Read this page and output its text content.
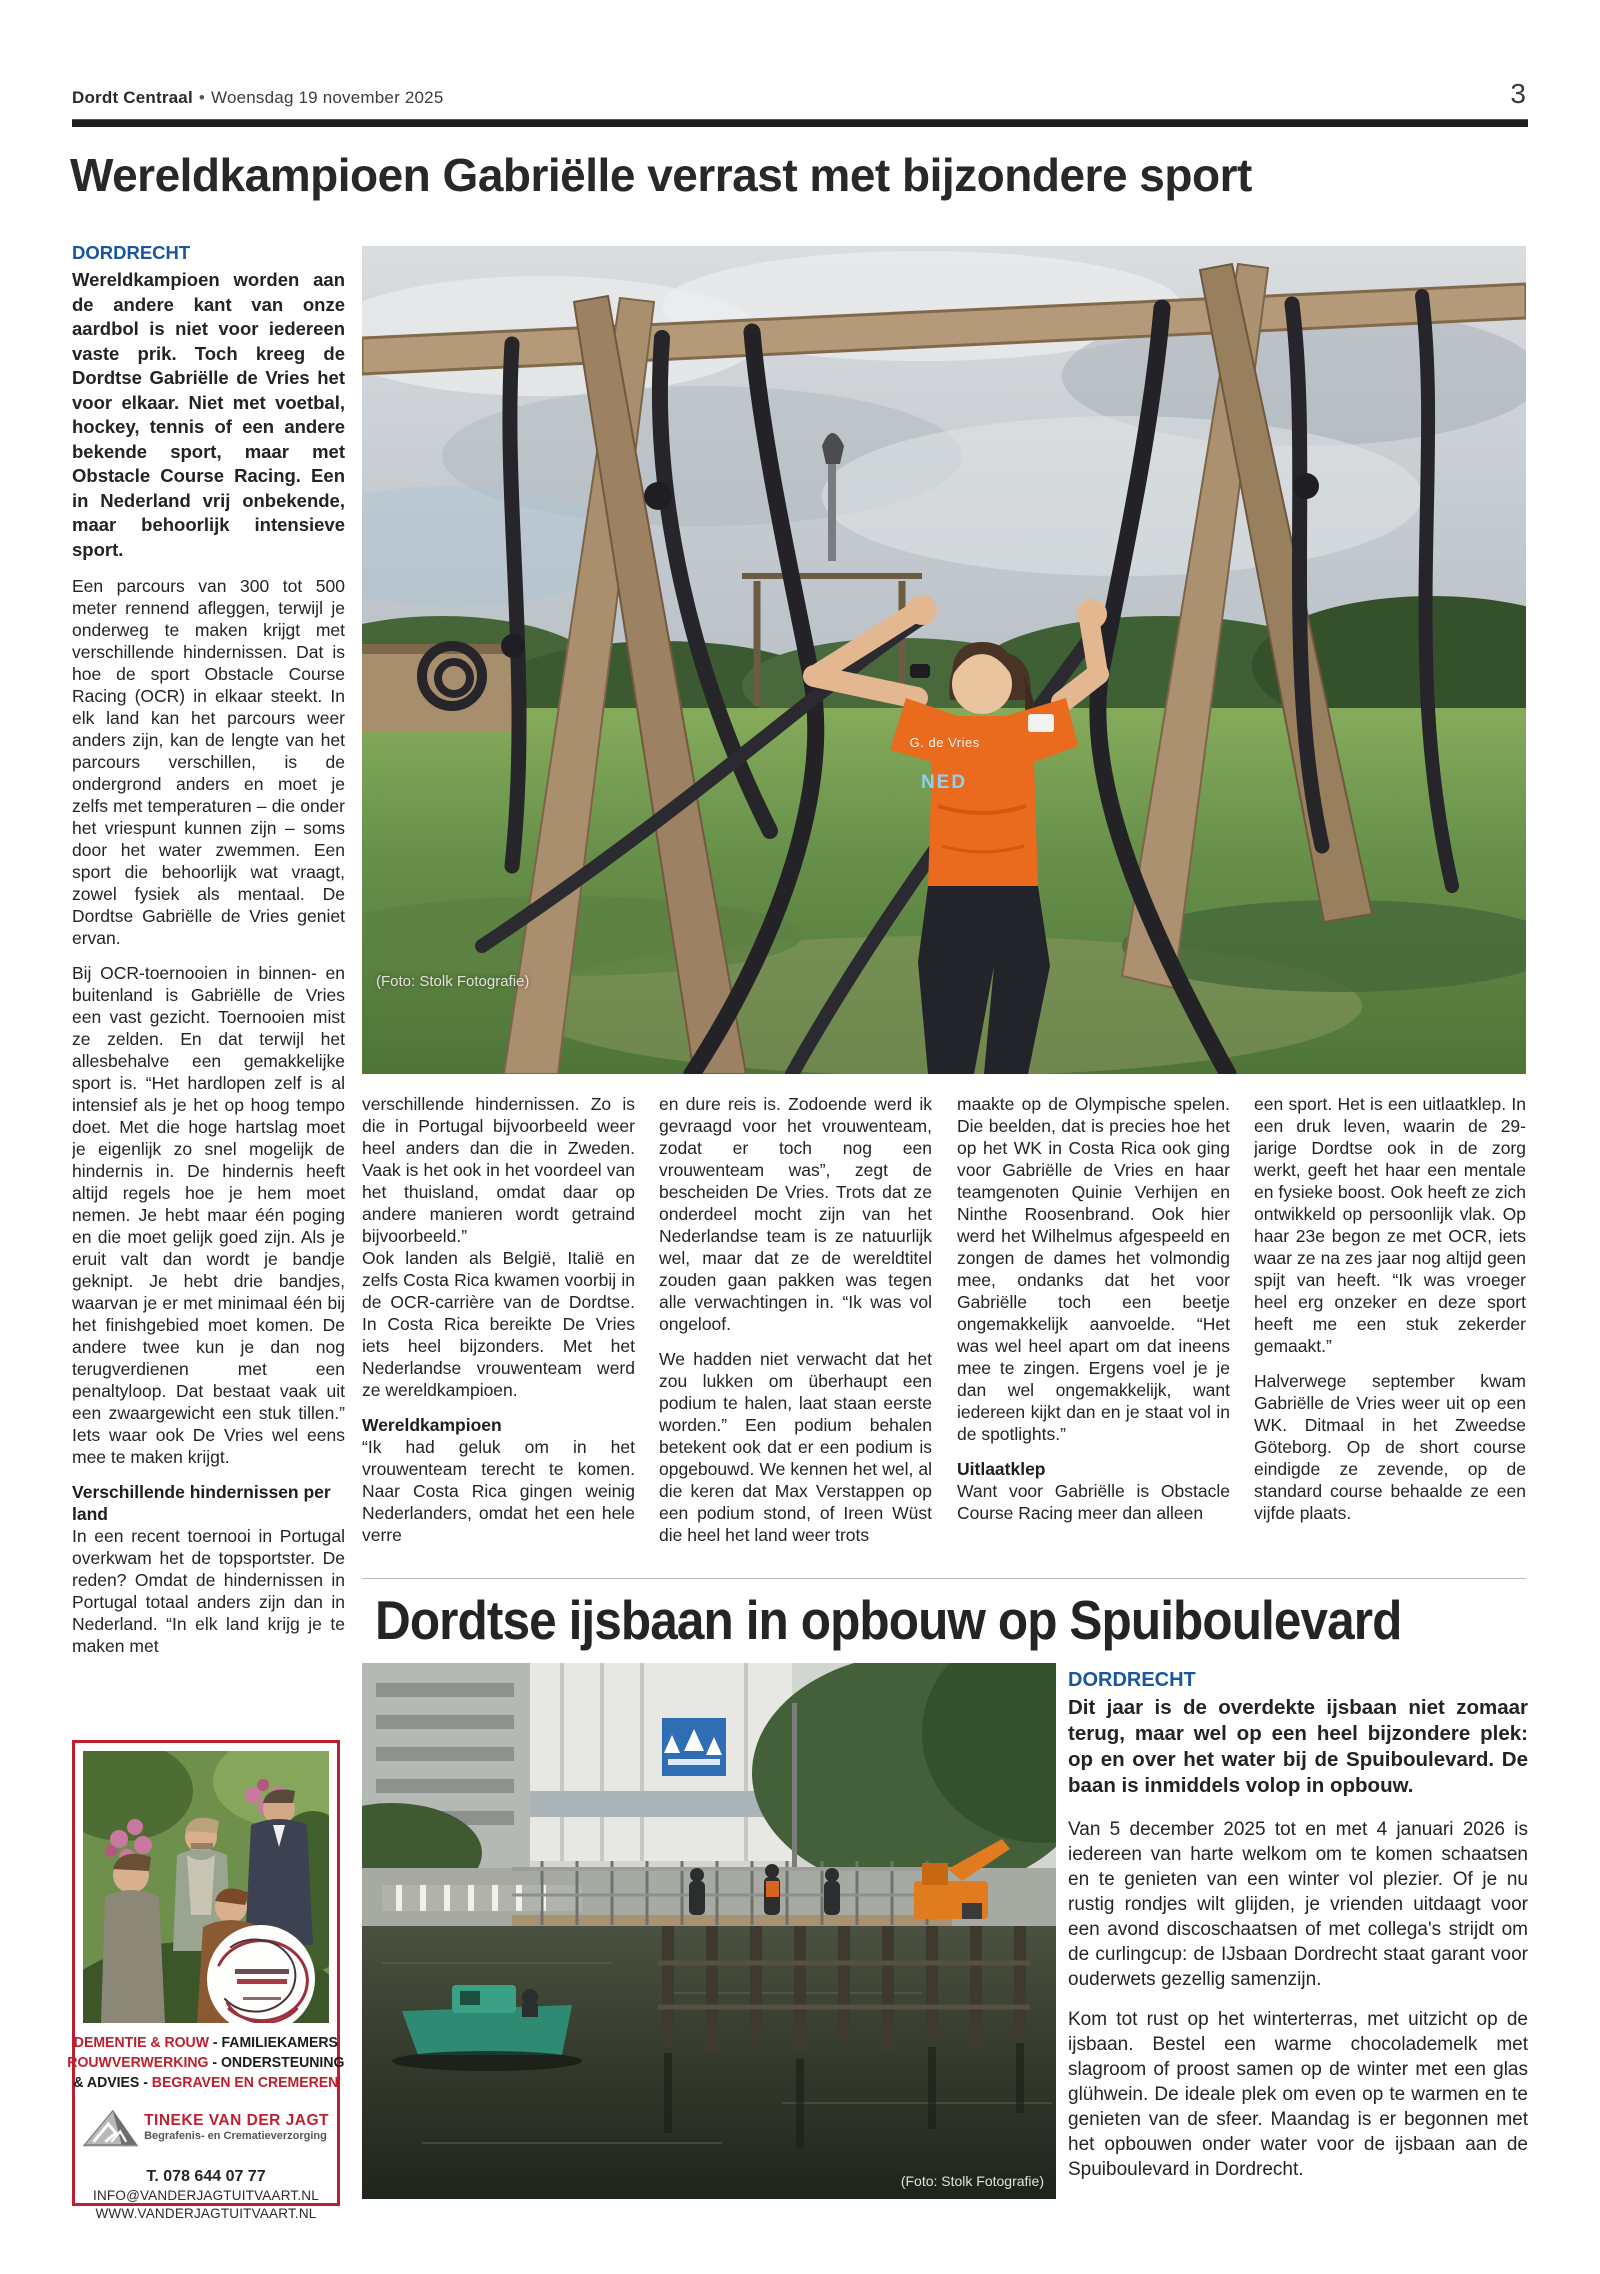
Dordt Centraal • Woensdag 19 november 2025	3
Wereldkampioen Gabriëlle verrast met bijzondere sport
DORDRECHT

Wereldkampioen worden aan de andere kant van onze aardbol is niet voor iedereen vaste prik. Toch kreeg de Dordtse Gabriëlle de Vries het voor elkaar. Niet met voetbal, hockey, tennis of een andere bekende sport, maar met Obstacle Course Racing. Een in Nederland vrij onbekende, maar behoorlijk intensieve sport.

Een parcours van 300 tot 500 meter rennend afleggen, terwijl je onderweg te maken krijgt met verschillende hindernissen. Dat is hoe de sport Obstacle Course Racing (OCR) in elkaar steekt. In elk land kan het parcours weer anders zijn, kan de lengte van het parcours verschillen, is de ondergrond anders en moet je zelfs met temperaturen – die onder het vriespunt kunnen zijn – soms door het water zwemmen. Een sport die behoorlijk wat vraagt, zowel fysiek als mentaal. De Dordtse Gabriëlle de Vries geniet ervan.

Bij OCR-toernooien in binnen- en buitenland is Gabriëlle de Vries een vast gezicht. Toernooien mist ze zelden. En dat terwijl het allesbehalve een gemakkelijke sport is. “Het hardlopen zelf is al intensief als je het op hoog tempo doet. Met die hoge hartslag moet je eigenlijk zo snel mogelijk de hindernis in. De hindernis heeft altijd regels hoe je hem moet nemen. Je hebt maar één poging en die moet gelijk goed zijn. Als je eruit valt dan wordt je bandje geknipt. Je hebt drie bandjes, waarvan je er met minimaal één bij het finishgebied moet komen. De andere twee kun je dan nog terugverdienen met een penaltyloop. Dat bestaat vaak uit een zwaargewicht een stuk tillen.” Iets waar ook De Vries wel eens mee te maken krijgt.

Verschillende hindernissen per land

In een recent toernooi in Portugal overkwam het de topsportster. De reden? Omdat de hindernissen in Portugal totaal anders zijn dan in Nederland. “In elk land krijg je te maken met

G. de Vries
NED
(Foto: Stolk Fotografie)

verschillende hindernissen. Zo is die in Portugal bijvoorbeeld weer heel anders dan die in Zweden. Vaak is het ook in het voordeel van het thuisland, omdat daar op andere manieren wordt getraind bijvoorbeeld.”

Ook landen als België, Italië en zelfs Costa Rica kwamen voorbij in de OCR-carrière van de Dordtse. In Costa Rica bereikte De Vries iets heel bijzonders. Met het Nederlandse vrouwenteam werd ze wereldkampioen.

Wereldkampioen

“Ik had geluk om in het vrouwenteam terecht te komen. Naar Costa Rica gingen weinig Nederlanders, omdat het een hele verre

en dure reis is. Zodoende werd ik gevraagd voor het vrouwenteam, zodat er toch nog een vrouwenteam was”, zegt de bescheiden De Vries. Trots dat ze onderdeel mocht zijn van het Nederlandse team is ze natuurlijk wel, maar dat ze de wereldtitel zouden gaan pakken was tegen alle verwachtingen in. “Ik was vol ongeloof.

We hadden niet verwacht dat het zou lukken om überhaupt een podium te halen, laat staan eerste worden.” Een podium behalen betekent ook dat er een podium is opgebouwd. We kennen het wel, al die keren dat Max Verstappen op een podium stond, of Ireen Wüst die heel het land weer trots

maakte op de Olympische spelen. Die beelden, dat is precies hoe het op het WK in Costa Rica ook ging voor Gabriëlle de Vries en haar teamgenoten Quinie Verhijen en Ninthe Roosenbrand. Ook hier werd het Wilhelmus afgespeeld en zongen de dames het volmondig mee, ondanks dat het voor Gabriëlle toch een beetje ongemakkelijk aanvoelde. “Het was wel heel apart om dat ineens mee te zingen. Ergens voel je je dan wel ongemakkelijk, want iedereen kijkt dan en je staat vol in de spotlights.”

Uitlaatklep

Want voor Gabriëlle is Obstacle Course Racing meer dan alleen

een sport. Het is een uitlaatklep. In een druk leven, waarin de 29-jarige Dordtse ook in de zorg werkt, geeft het haar een mentale en fysieke boost. Ook heeft ze zich ontwikkeld op persoonlijk vlak. Op haar 23e begon ze met OCR, iets waar ze na zes jaar nog altijd geen spijt van heeft. “Ik was vroeger heel erg onzeker en deze sport heeft me een stuk zekerder gemaakt.”

Halverwege september kwam Gabriëlle de Vries weer uit op een WK. Ditmaal in het Zweedse Göteborg. Op de short course eindigde ze zevende, op de standard course behaalde ze een vijfde plaats.

Dordtse ijsbaan in opbouw op Spuiboulevard
(Foto: Stolk Fotografie)
DORDRECHT

Dit jaar is de overdekte ijsbaan niet zomaar terug, maar wel op een heel bijzondere plek: op en over het water bij de Spuiboulevard. De baan is inmiddels volop in opbouw.

Van 5 december 2025 tot en met 4 januari 2026 is iedereen van harte welkom om te komen schaatsen en te genieten van een winter vol plezier. Of je nu rustig rondjes wilt glijden, je vrienden uitdaagt voor een avond discoschaatsen of met collega's strijdt om de curlingcup: de IJsbaan Dordrecht staat garant voor ouderwets gezellig samenzijn.

Kom tot rust op het winterterras, met uitzicht op de ijsbaan. Bestel een warme chocolademelk met slagroom of proost samen op de winter met een glas glühwein. De ideale plek om even op te warmen en te genieten van de sfeer. Maandag is er begonnen met het opbouwen onder water voor de ijsbaan aan de Spuiboulevard in Dordrecht.

DEMENTIE & ROUW - FAMILIEKAMERS
ROUWVERWERKING - ONDERSTEUNING
& ADVIES - BEGRAVEN EN CREMEREN
TINEKE VAN DER JAGT
Begrafenis- en Crematieverzorging
T. 078 644 07 77
INFO@VANDERJAGTUITVAART.NL
WWW.VANDERJAGTUITVAART.NL
